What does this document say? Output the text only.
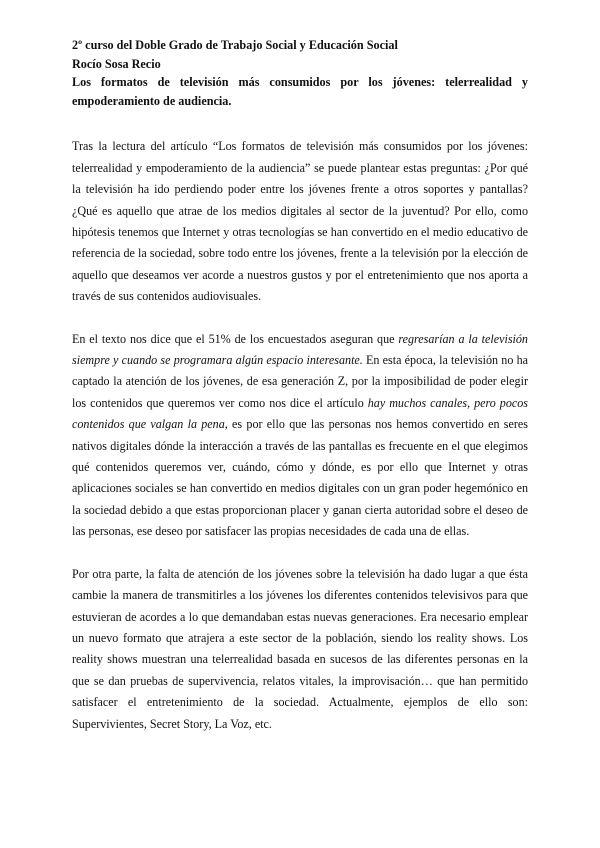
2º curso del Doble Grado de Trabajo Social y Educación Social

Rocío Sosa Recio

Los formatos de televisión más consumidos por los jóvenes: telerrealidad y empoderamiento de audiencia.

Tras la lectura del artículo “Los formatos de televisión más consumidos por los jóvenes: telerrealidad y empoderamiento de la audiencia” se puede plantear estas preguntas: ¿Por qué la televisión ha ido perdiendo poder entre los jóvenes frente a otros soportes y pantallas? ¿Qué es aquello que atrae de los medios digitales al sector de la juventud? Por ello, como hipótesis tenemos que Internet y otras tecnologías se han convertido en el medio educativo de referencia de la sociedad, sobre todo entre los jóvenes, frente a la televisión por la elección de aquello que deseamos ver acorde a nuestros gustos y por el entretenimiento que nos aporta a través de sus contenidos audiovisuales.

En el texto nos dice que el 51% de los encuestados aseguran que regresarían a la televisión siempre y cuando se programara algún espacio interesante. En esta época, la televisión no ha captado la atención de los jóvenes, de esa generación Z, por la imposibilidad de poder elegir los contenidos que queremos ver como nos dice el artículo hay muchos canales, pero pocos contenidos que valgan la pena, es por ello que las personas nos hemos convertido en seres nativos digitales dónde la interacción a través de las pantallas es frecuente en el que elegimos qué contenidos queremos ver, cuándo, cómo y dónde, es por ello que Internet y otras aplicaciones sociales se han convertido en medios digitales con un gran poder hegemónico en la sociedad debido a que estas proporcionan placer y ganan cierta autoridad sobre el deseo de las personas, ese deseo por satisfacer las propias necesidades de cada una de ellas.

Por otra parte, la falta de atención de los jóvenes sobre la televisión ha dado lugar a que ésta cambie la manera de transmitirles a los jóvenes los diferentes contenidos televisivos para que estuvieran de acordes a lo que demandaban estas nuevas generaciones. Era necesario emplear un nuevo formato que atrajera a este sector de la población, siendo los reality shows. Los reality shows muestran una telerrealidad basada en sucesos de las diferentes personas en la que se dan pruebas de supervivencia, relatos vitales, la improvisación… que han permitido satisfacer el entretenimiento de la sociedad. Actualmente, ejemplos de ello son: Supervivientes, Secret Story, La Voz, etc.
